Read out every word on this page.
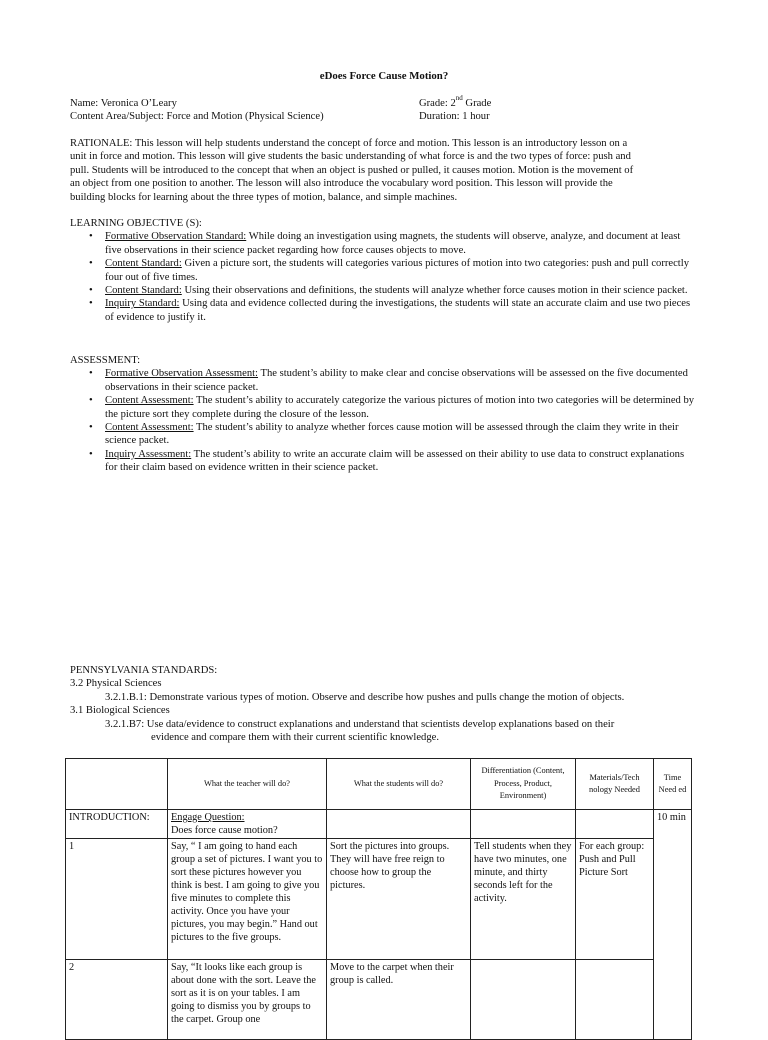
eDoes Force Cause Motion?
Name: Veronica O’Leary	Grade: 2nd Grade
Content Area/Subject: Force and Motion (Physical Science)	Duration: 1 hour
RATIONALE: This lesson will help students understand the concept of force and motion. This lesson is an introductory lesson on a
unit in force and motion. This lesson will give students the basic understanding of what force is and the two types of force: push and
pull. Students will be introduced to the concept that when an object is pushed or pulled, it causes motion. Motion is the movement of
an object from one position to another. The lesson will also introduce the vocabulary word position. This lesson will provide the
building blocks for learning about the three types of motion, balance, and simple machines.
LEARNING OBJECTIVE (S):
• Formative Observation Standard: While doing an investigation using magnets, the students will observe, analyze, and document at least five observations in their science packet regarding how force causes objects to move.
• Content Standard: Given a picture sort, the students will categories various pictures of motion into two categories: push and pull correctly four out of five times.
• Content Standard: Using their observations and definitions, the students will analyze whether force causes motion in their science packet.
• Inquiry Standard: Using data and evidence collected during the investigations, the students will state an accurate claim and use two pieces of evidence to justify it.
ASSESSMENT:
• Formative Observation Assessment: The student’s ability to make clear and concise observations will be assessed on the five documented observations in their science packet.
• Content Assessment: The student’s ability to accurately categorize the various pictures of motion into two categories will be determined by the picture sort they complete during the closure of the lesson.
• Content Assessment: The student’s ability to analyze whether forces cause motion will be assessed through the claim they write in their science packet.
• Inquiry Assessment: The student’s ability to write an accurate claim will be assessed on their ability to use data to construct explanations for their claim based on evidence written in their science packet.
PENNSYLVANIA STANDARDS:
3.2 Physical Sciences
3.2.1.B.1: Demonstrate various types of motion. Observe and describe how pushes and pulls change the motion of objects.
3.1 Biological Sciences
3.2.1.B7: Use data/evidence to construct explanations and understand that scientists develop explanations based on their
evidence and compare them with their current scientific knowledge.
	What the teacher will do?	What the students will do?	Differentiation (Content, Process, Product, Environment)	Materials/Tech nology Needed	Time Need ed
INTRODUCTION:	Engage Question:
Does force cause motion?				10 min
1	Say, “ I am going to hand each group a set of pictures. I want you to sort these pictures however you think is best. I am going to give you five minutes to complete this activity. Once you have your pictures, you may begin.” Hand out pictures to the five groups.	Sort the pictures into groups. They will have free reign to choose how to group the pictures.	Tell students when they have two minutes, one minute, and thirty seconds left for the activity.	For each group: Push and Pull Picture Sort	
2	Say, “It looks like each group is about done with the sort. Leave the sort as it is on your tables. I am going to dismiss you by groups to the carpet. Group one	Move to the carpet when their group is called.			
